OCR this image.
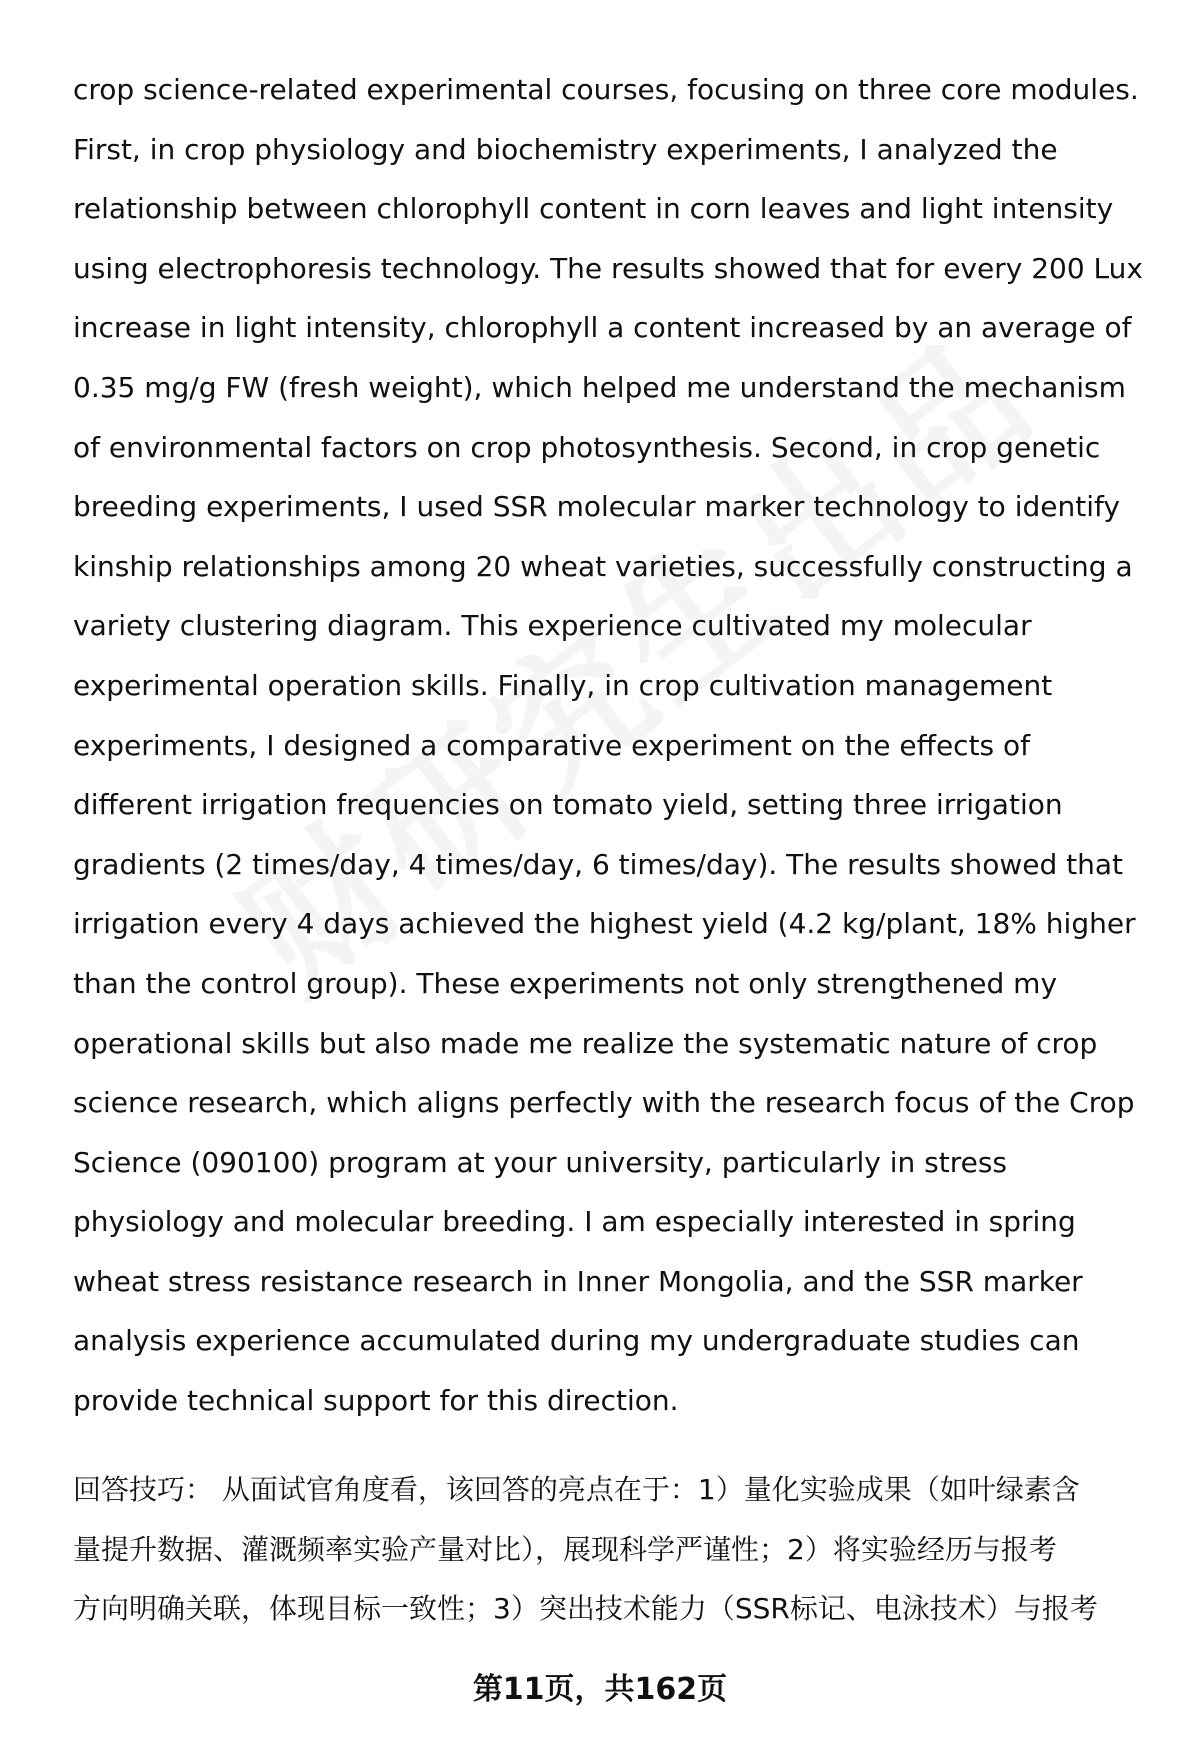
crop science-related experimental courses, focusing on three core modules.
First, in crop physiology and biochemistry experiments, I analyzed the
relationship between chlorophyll content in corn leaves and light intensity
using electrophoresis technology. The results showed that for every 200 Lux
increase in light intensity, chlorophyll a content increased by an average of
0.35 mg/g FW (fresh weight), which helped me understand the mechanism
of environmental factors on crop photosynthesis. Second, in crop genetic
breeding experiments, I used SSR molecular marker technology to identify
kinship relationships among 20 wheat varieties, successfully constructing a
variety clustering diagram. This experience cultivated my molecular
experimental operation skills. Finally, in crop cultivation management
experiments, I designed a comparative experiment on the effects of
different irrigation frequencies on tomato yield, setting three irrigation
gradients (2 times/day, 4 times/day, 6 times/day). The results showed that
irrigation every 4 days achieved the highest yield (4.2 kg/plant, 18% higher
than the control group). These experiments not only strengthened my
operational skills but also made me realize the systematic nature of crop
science research, which aligns perfectly with the research focus of the Crop
Science (090100) program at your university, particularly in stress
physiology and molecular breeding. I am especially interested in spring
wheat stress resistance research in Inner Mongolia, and the SSR marker
analysis experience accumulated during my undergraduate studies can
provide technical support for this direction.
回答技巧： 从面试官角度看，该回答的亮点在于：1）量化实验成果（如叶绿素含
量提升数据、灌溉频率实验产量对比），展现科学严谨性；2）将实验经历与报考
方向明确关联，体现目标一致性；3）突出技术能力（SSR标记、电泳技术）与报考
第11页，共162页
